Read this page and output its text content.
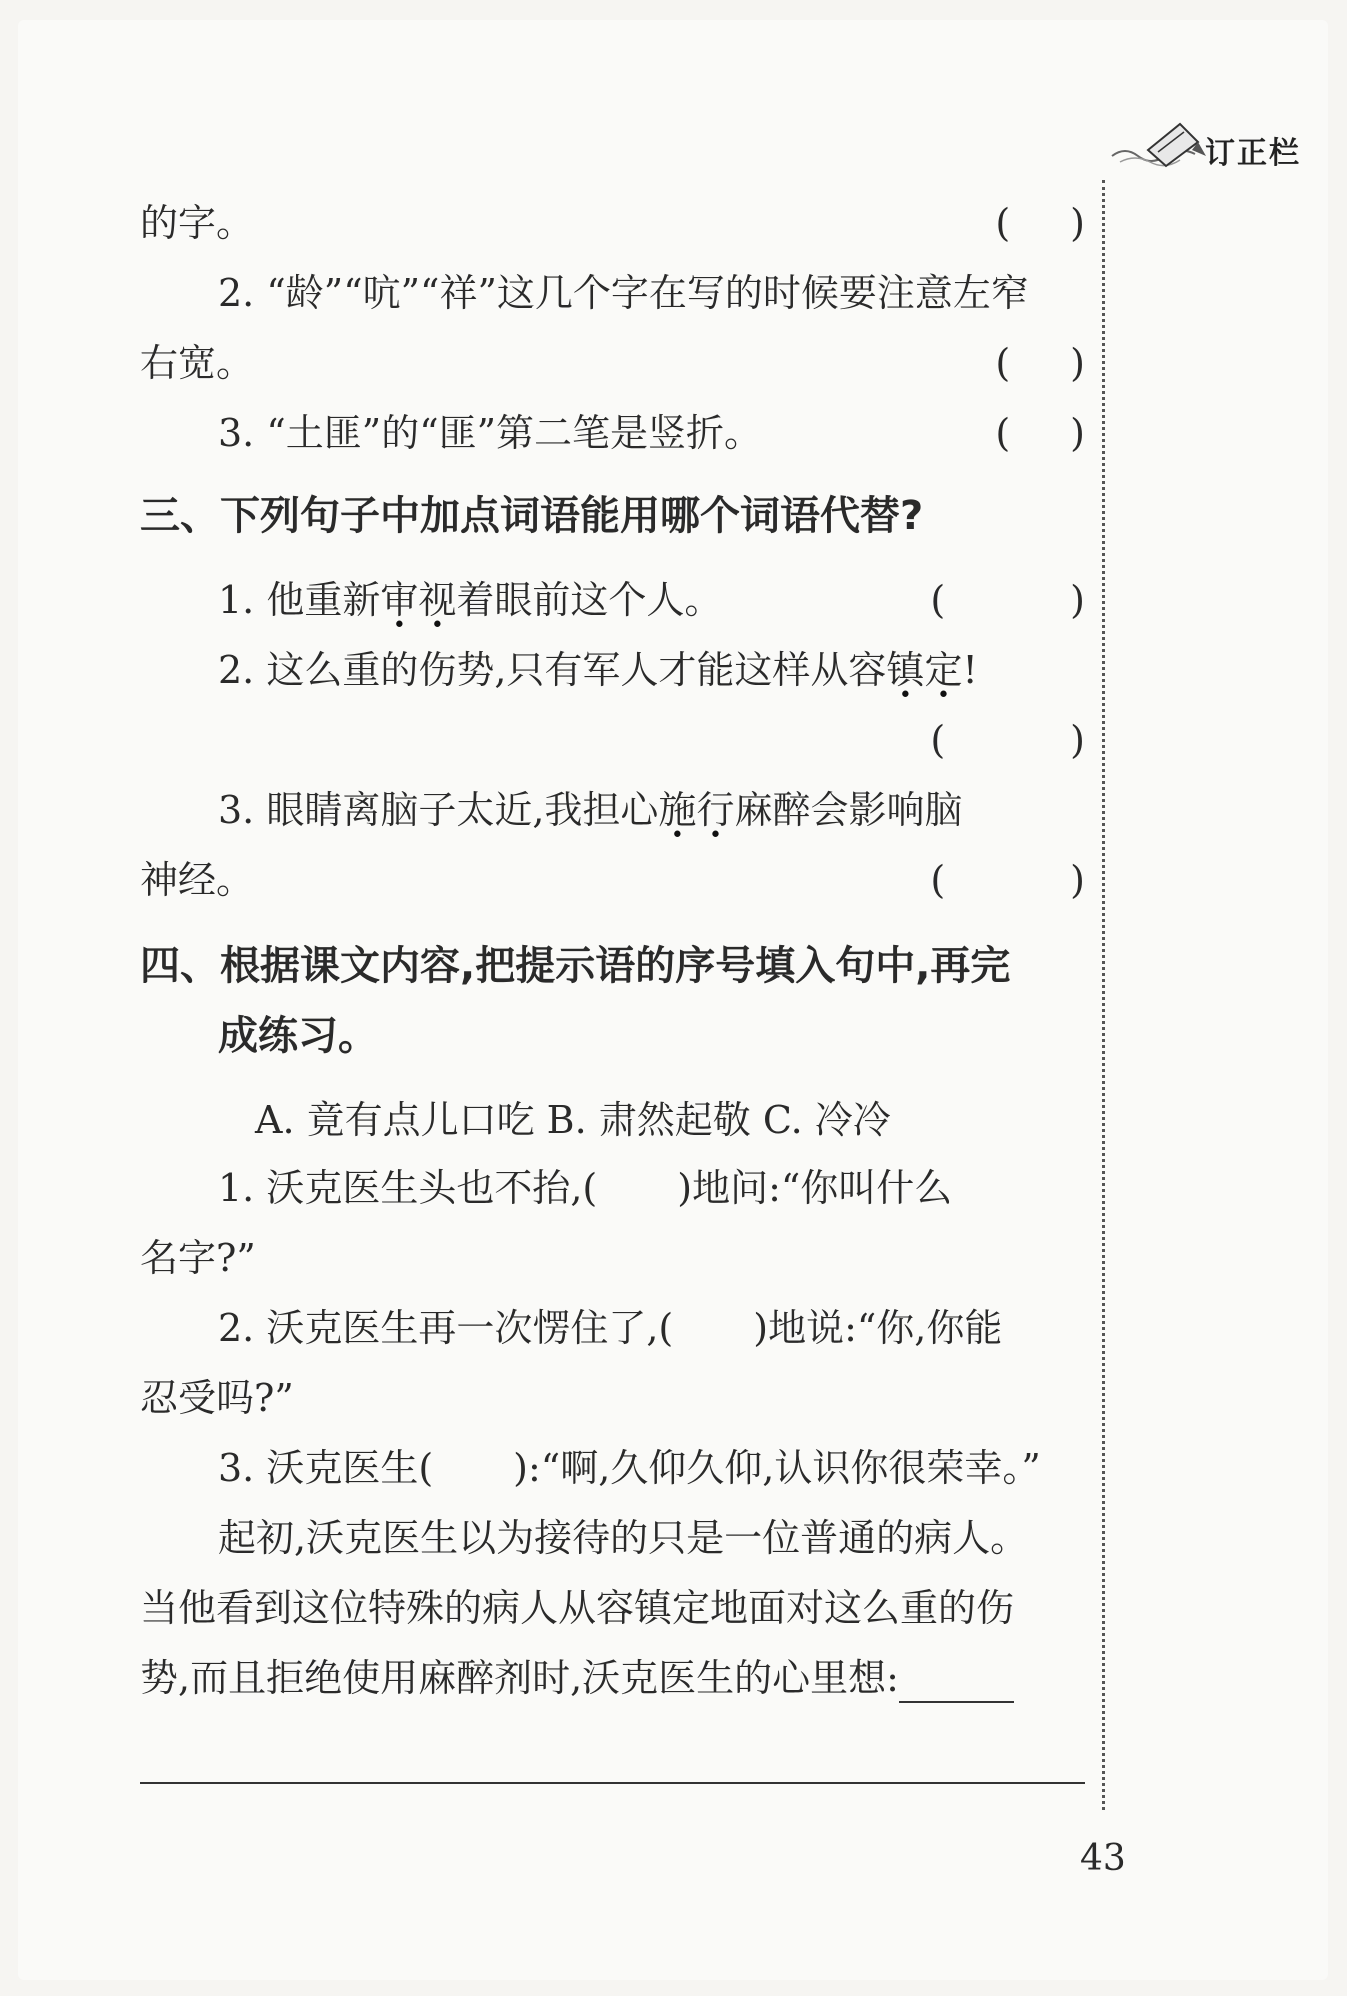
订正栏
的字。	( )
2. “龄”“吭”“祥”这几个字在写的时候要注意左窄
右宽。	( )
3. “土匪”的“匪”第二笔是竖折。	( )
三、下列句子中加点词语能用哪个词语代替?
1. 他重新审视着眼前这个人。	(	)
2. 这么重的伤势,只有军人才能这样从容镇定!
(	)
3. 眼睛离脑子太近,我担心施行麻醉会影响脑
神经。	(	)
四、根据课文内容,把提示语的序号填入句中,再完
成练习。
A. 竟有点儿口吃 B. 肃然起敬 C. 冷冷
1. 沃克医生头也不抬,( )地问:“你叫什么
名字?”
2. 沃克医生再一次愣住了,( )地说:“你,你能
忍受吗?”
3. 沃克医生( ):“啊,久仰久仰,认识你很荣幸。”
起初,沃克医生以为接待的只是一位普通的病人。
当他看到这位特殊的病人从容镇定地面对这么重的伤
势,而且拒绝使用麻醉剂时,沃克医生的心里想:
43
